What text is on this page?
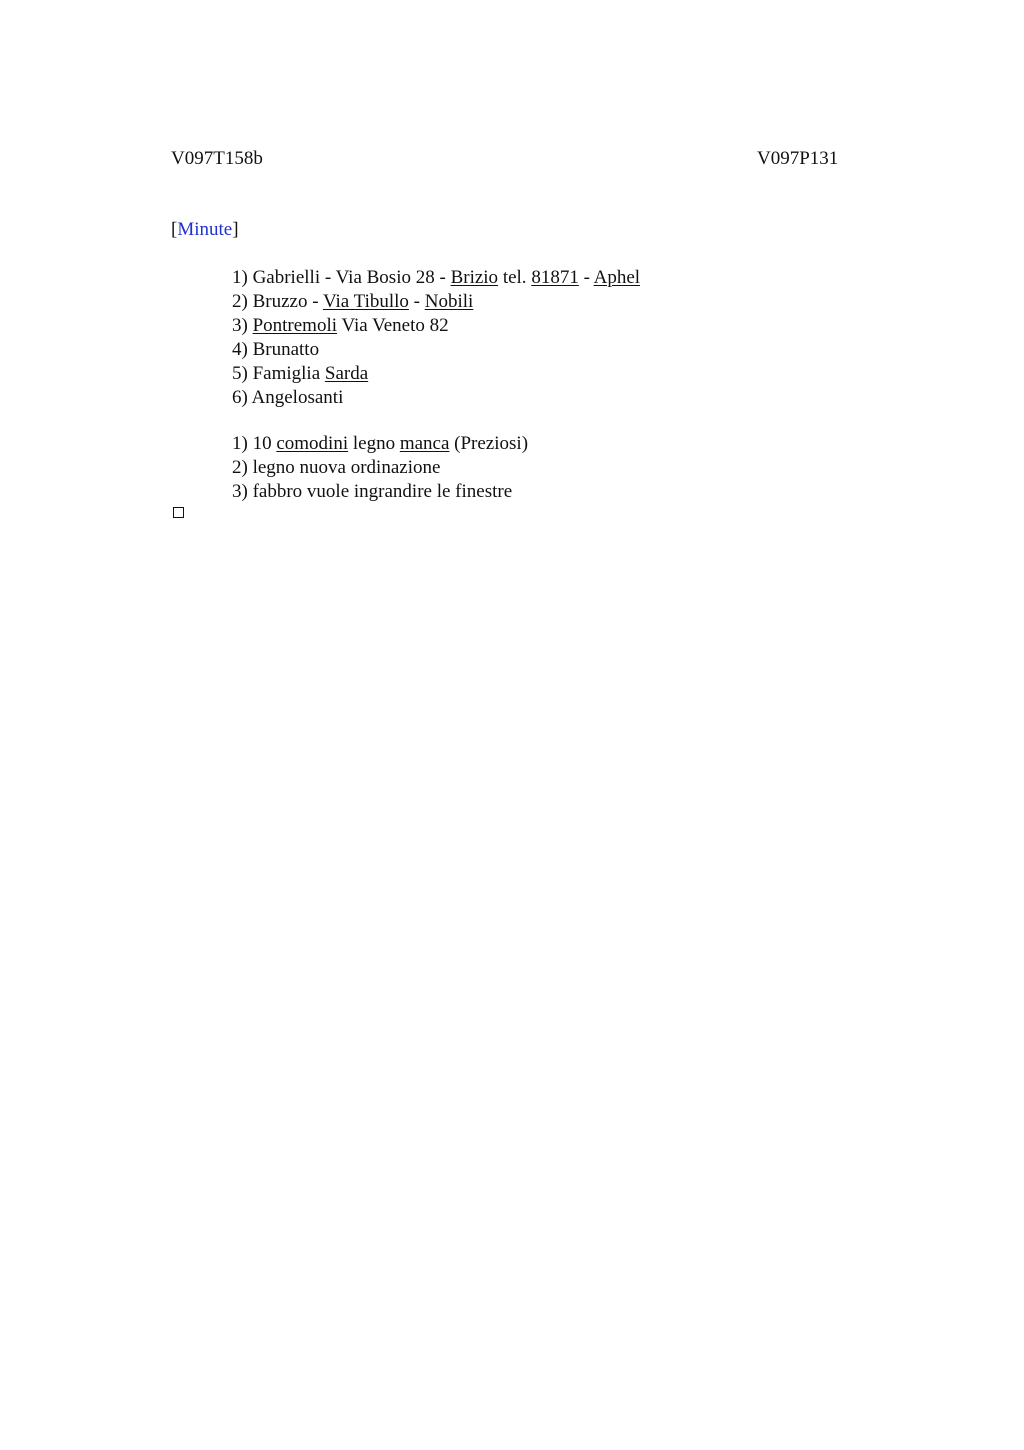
V097T158b	V097P131
[Minute]
1) Gabrielli - Via Bosio 28 - Brizio tel. 81871 - Aphel
2) Bruzzo - Via Tibullo - Nobili
3) Pontremoli Via Veneto 82
4) Brunatto
5) Famiglia Sarda
6) Angelosanti
1) 10 comodini legno manca (Preziosi)
2) legno nuova ordinazione
3) fabbro vuole ingrandire le finestre
